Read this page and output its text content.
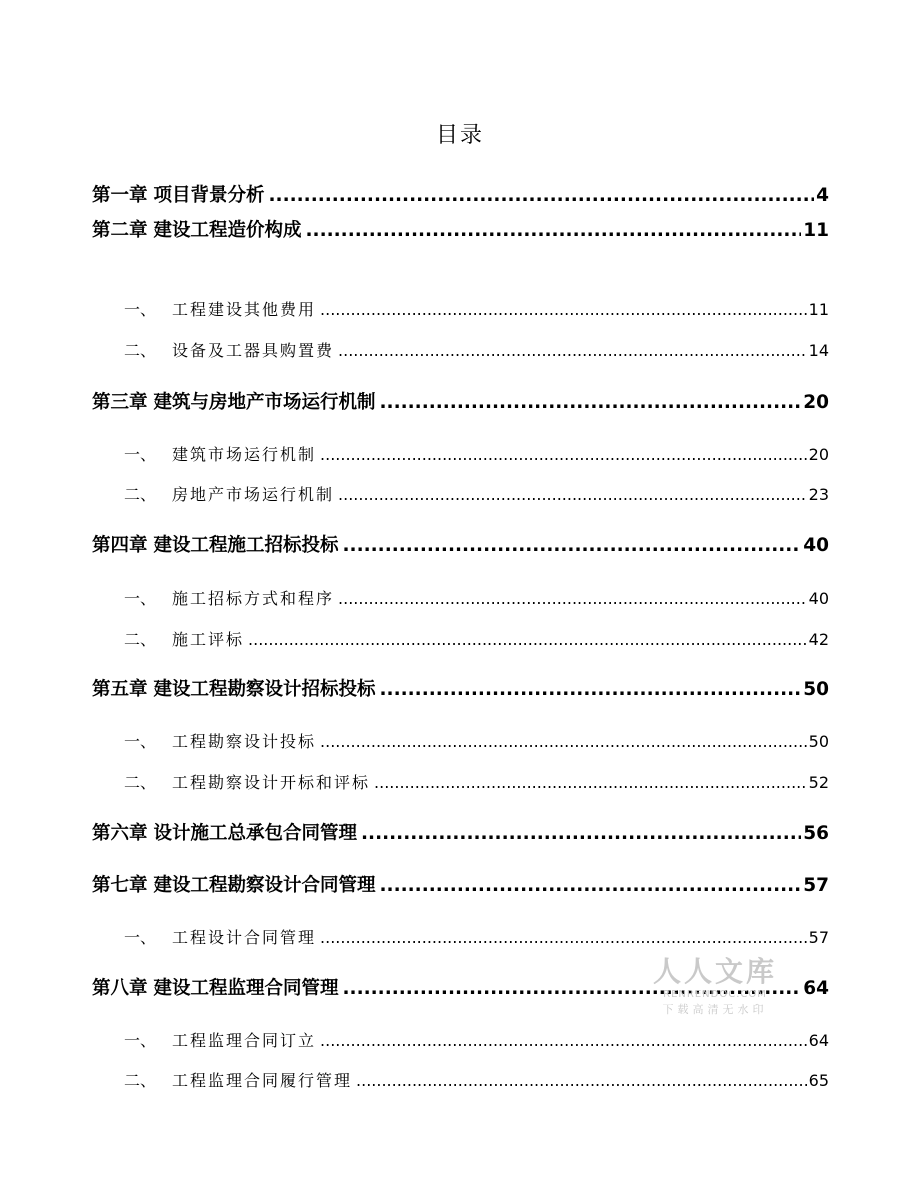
目录
第一章 项目背景分析 .....	4
第二章 建设工程造价构成 .....	11
一、 工程建设其他费用 .....	11
二、 设备及工器具购置费 .....	14
第三章 建筑与房地产市场运行机制 .....	20
一、 建筑市场运行机制 .....	20
二、 房地产市场运行机制 .....	23
第四章 建设工程施工招标投标 .....	40
一、 施工招标方式和程序 .....	40
二、 施工评标 .....	42
第五章 建设工程勘察设计招标投标 .....	50
一、 工程勘察设计投标 .....	50
二、 工程勘察设计开标和评标 .....	52
第六章 设计施工总承包合同管理 .....	56
第七章 建设工程勘察设计合同管理 .....	57
一、 工程设计合同管理 .....	57
第八章 建设工程监理合同管理 .....	64
一、 工程监理合同订立 .....	64
二、 工程监理合同履行管理 .....	65
人人文库
RENRENDOC.COM
下载高清无水印
